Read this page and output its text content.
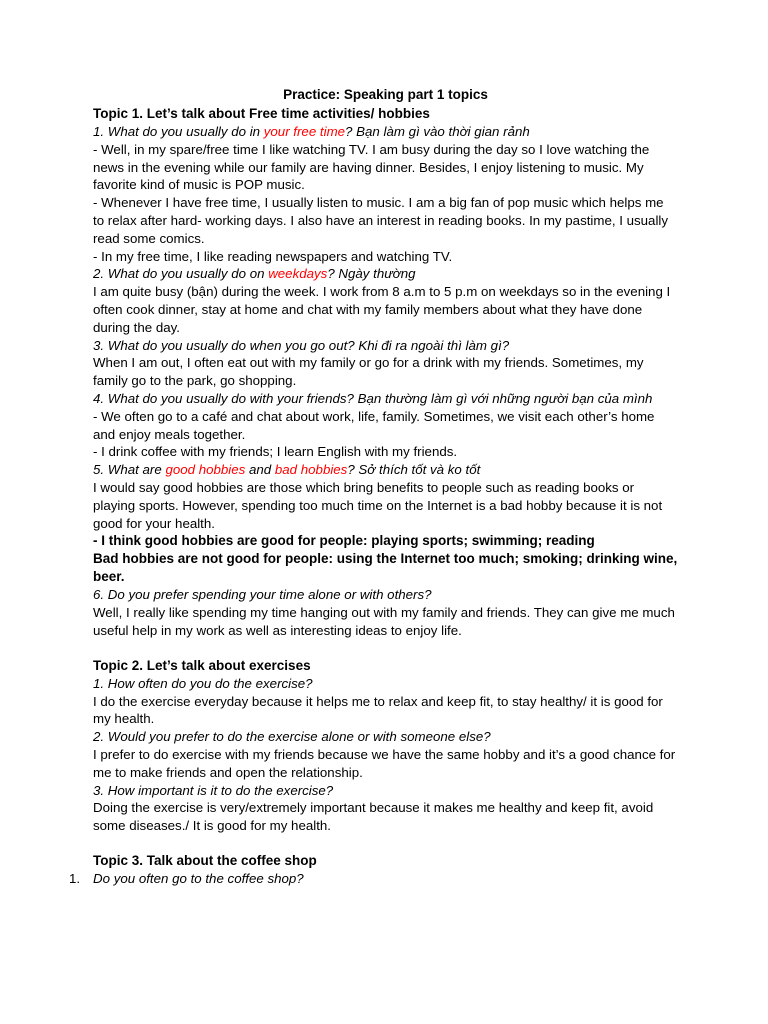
Practice: Speaking part 1 topics

Topic 1. Let’s talk about Free time activities/ hobbies

1. What do you usually do in your free time? Bạn làm gì vào thời gian rảnh

- Well, in my spare/free time I like watching TV. I am busy during the day so I love watching the news in the evening while our family are having dinner. Besides, I enjoy listening to music. My favorite kind of music is POP music.

- Whenever I have free time, I usually listen to music. I am a big fan of pop music which helps me to relax after hard- working days. I also have an interest in reading books. In my pastime, I usually read some comics.

- In my free time, I like reading newspapers and watching TV.

2. What do you usually do on weekdays? Ngày thường

I am quite busy (bận) during the week. I work from 8 a.m to 5 p.m on weekdays so in the evening I often cook dinner, stay at home and chat with my family members about what they have done during the day.

3. What do you usually do when you go out? Khi đi ra ngoài thì làm gì?

When I am out, I often eat out with my family or go for a drink with my friends. Sometimes, my family go to the park, go shopping.

4. What do you usually do with your friends? Bạn thường làm gì với những người bạn của mình

- We often go to a café and chat about work, life, family. Sometimes, we visit each other’s home and enjoy meals together.

- I drink coffee with my friends; I learn English with my friends.

5. What are good hobbies and bad hobbies? Sở thích tốt và ko tốt

I would say good hobbies are those which bring benefits to people such as reading books or playing sports. However, spending too much time on the Internet is a bad hobby because it is not good for your health.

- I think good hobbies are good for people: playing sports; swimming; reading

Bad hobbies are not good for people: using the Internet too much; smoking; drinking wine, beer.

6. Do you prefer spending your time alone or with others?

Well, I really like spending my time hanging out with my family and friends. They can give me much useful help in my work as well as interesting ideas to enjoy life.

Topic 2. Let’s talk about exercises

1. How often do you do the exercise?

I do the exercise everyday because it helps me to relax and keep fit, to stay healthy/ it is good for my health.

2. Would you prefer to do the exercise alone or with someone else?

I prefer to do exercise with my friends because we have the same hobby and it’s a good chance for me to make friends and open the relationship.

3. How important is it to do the exercise?

Doing the exercise is very/extremely important because it makes me healthy and keep fit, avoid some diseases./ It is good for my health.

Topic 3. Talk about the coffee shop

1. Do you often go to the coffee shop?
